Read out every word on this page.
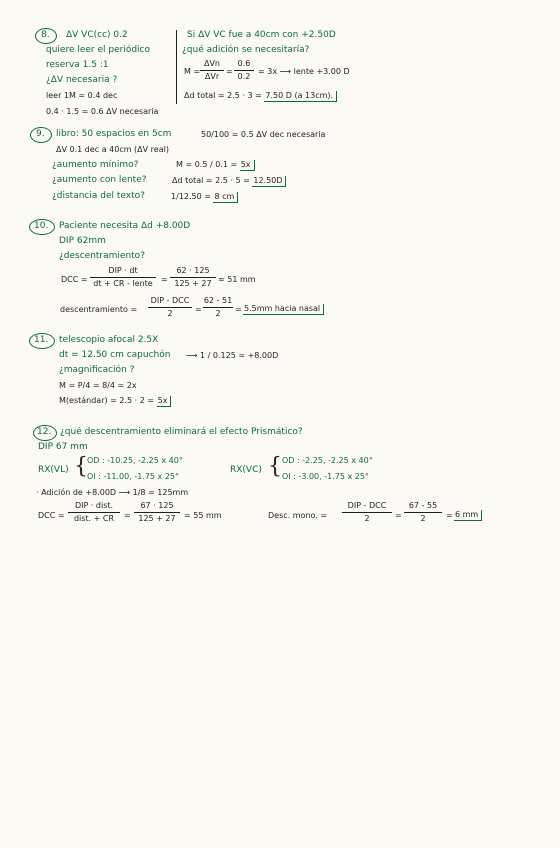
8. ΔV VC(cc) 0.2
quiere leer el periódico
reserva 1.5 :1
¿ΔV necesaria ?
leer 1M = 0.4 dec
0.4 · 1.5 = 0.6 ΔV necesaria
Si ΔV VC fue a 40cm con +2.50D
¿qué adición se necesitaría?
M =
ΔVn
ΔVr
=
0.6
0.2
= 3x ⟶ lente +3.00 D
Δd total = 2.5 · 3 = 7.50 D (a 13cm).
9. libro: 50 espacios en 5cm	50/100 = 0.5 ΔV dec necesaria
ΔV 0.1 dec a 40cm (ΔV real)
¿aumento mínimo?	M = 0.5 / 0.1 = 5x
¿aumento con lente?	Δd total = 2.5 · 5 = 12.50D
¿distancia del texto?	1/12.50 = 8 cm
10. Paciente necesita Δd +8.00D
DIP 62mm
¿descentramiento?
DCC =
DIP · dt
dt + CR - lente	=
62 · 125
125 + 27 ≈ 51 mm
descentramiento =
DIP - DCC
2	=
62 - 51
2	= 5.5mm hacia nasal
11. telescopio afocal 2.5X
dt = 12.50 cm capuchón ⟶ 1 / 0.125 = +8.00D
¿magnificación ?
M = P/4 = 8/4 = 2x
M(estándar) = 2.5 · 2 = 5x
12. ¿qué descentramiento eliminará el efecto Prismático?
DIP 67 mm
RX(VL) { OD : -10.25, -2.25 x 40°
OI : -11.00, -1.75 x 25°
RX(VC) { OD : -2.25, -2.25 x 40°
OI : -3.00, -1.75 x 25°
· Adición de +8.00D ⟶ 1/8 = 125mm
DCC =
DIP · dist.
dist. + CR	=
67 · 125
125 + 27	= 55 mm	Desc. mono. =
DIP - DCC
2	=
67 - 55
2	= 6 mm
